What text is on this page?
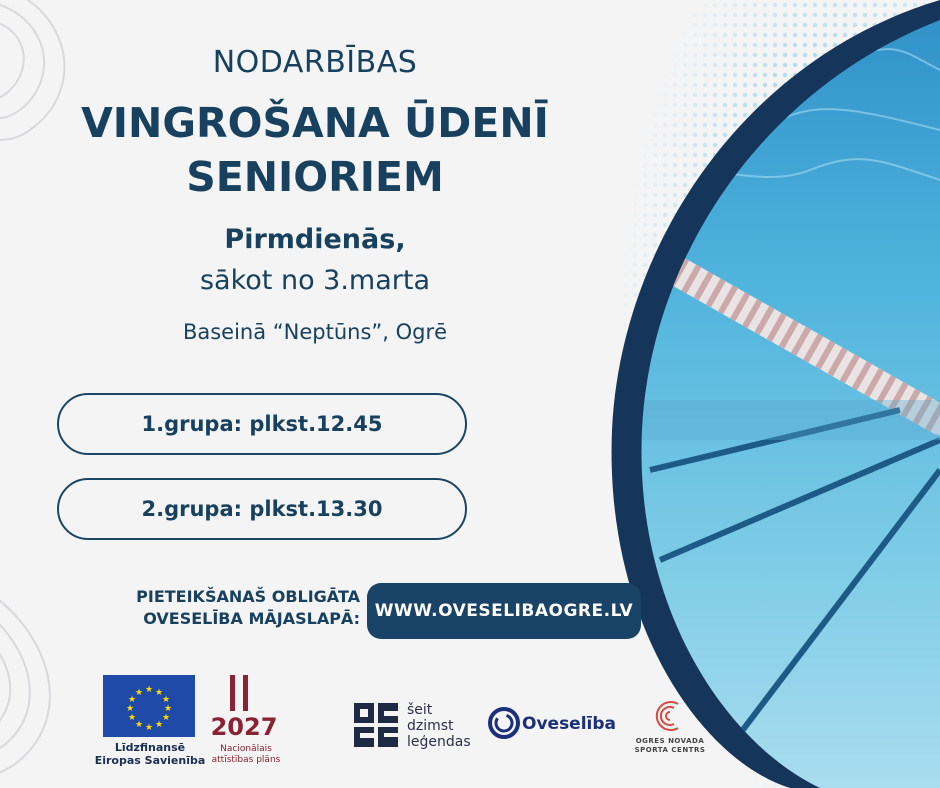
NODARBĪBAS
VINGROŠANA ŪDENĪ
SENIORIEM
Pirmdienās,
sākot no 3.marta
Baseinā “Neptūns”, Ogrē
1.grupa: plkst.12.45
2.grupa: plkst.13.30
PIETEIKŠANAŠ OBLIGĀTA
OVESELĪBA MĀJASLAPĀ: WWW.OVESELIBAOGRE.LV
★ ★
★
★
★
★
★
★
★
★
★
★
Līdzfinansē
Eiropas Savienība
2027
Nacionālais
attīstības plāns
šeit
dzimst
leģendas
Oveselība
OGRES NOVADA
SPORTA CENTRS
